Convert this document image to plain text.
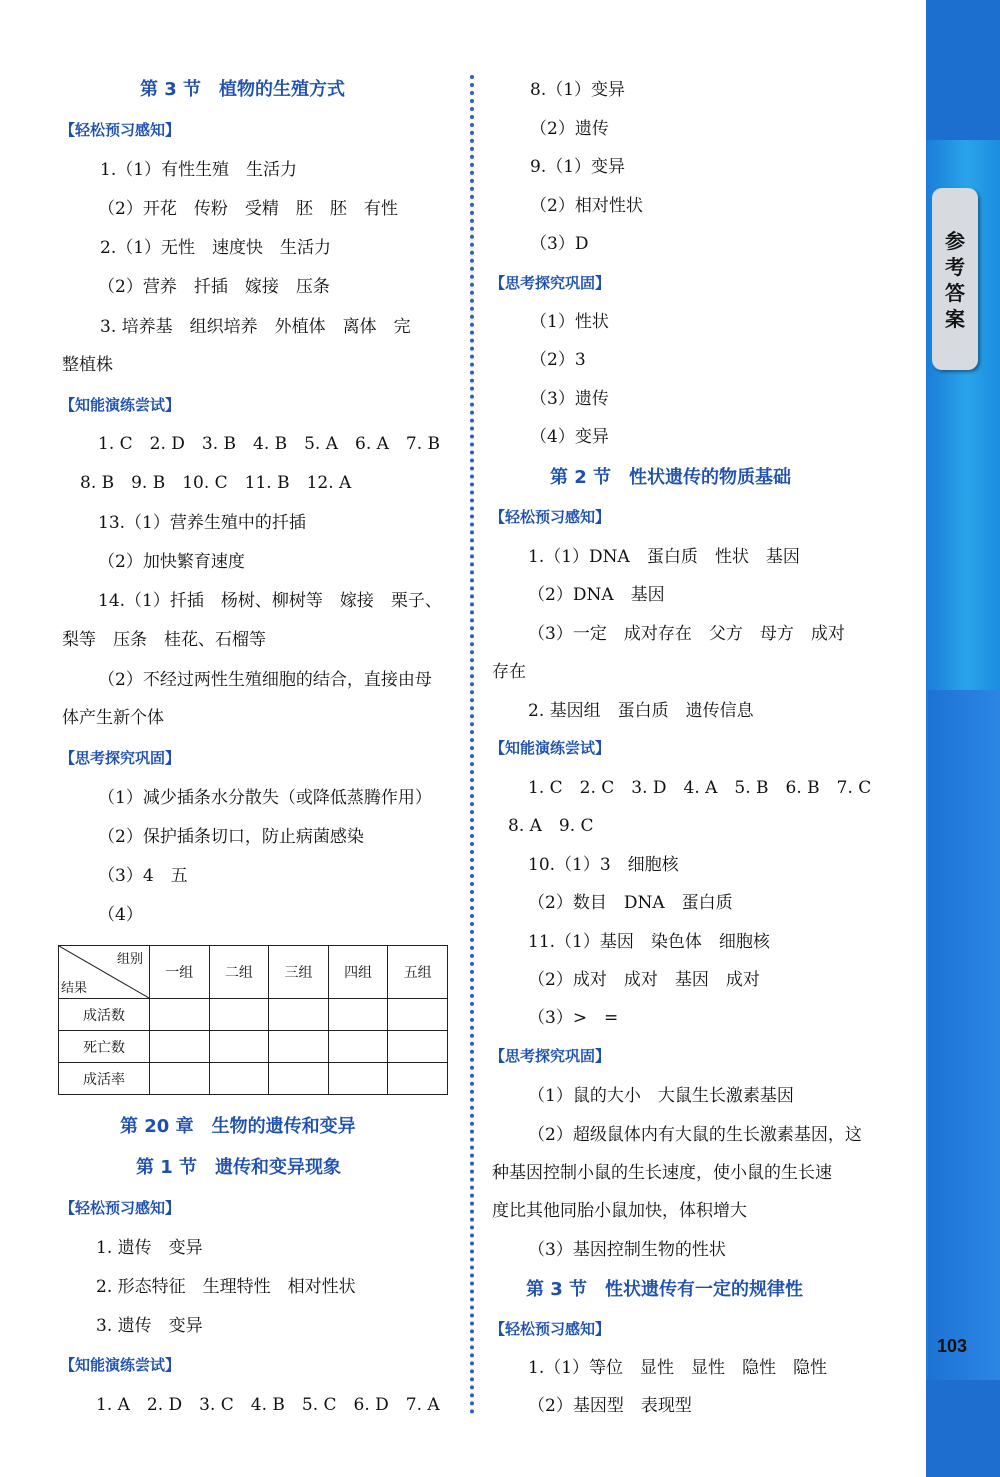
参考答案
103
第 3 节　植物的生殖方式
【轻松预习感知】
1.（1）有性生殖　生活力
（2）开花　传粉　受精　胚　胚　有性
2.（1）无性　速度快　生活力
（2）营养　扦插　嫁接　压条
3. 培养基　组织培养　外植体　离体　完
整植株
【知能演练尝试】
1. C　2. D　3. B　4. B　5. A　6. A　7. B
8. B　9. B　10. C　11. B　12. A
13.（1）营养生殖中的扦插
（2）加快繁育速度
14.（1）扦插　杨树、柳树等　嫁接　栗子、
梨等　压条　桂花、石榴等
（2）不经过两性生殖细胞的结合，直接由母
体产生新个体
【思考探究巩固】
（1）减少插条水分散失（或降低蒸腾作用）
（2）保护插条切口，防止病菌感染
（3）4　五
（4）
组别
结果	一组	二组	三组	四组	五组
成活数					
死亡数					
成活率					
第 20 章　生物的遗传和变异
第 1 节　遗传和变异现象
【轻松预习感知】
1. 遗传　变异
2. 形态特征　生理特性　相对性状
3. 遗传　变异
【知能演练尝试】
1. A　2. D　3. C　4. B　5. C　6. D　7. A
8.（1）变异
（2）遗传
9.（1）变异
（2）相对性状
（3）D
【思考探究巩固】
（1）性状
（2）3
（3）遗传
（4）变异
第 2 节　性状遗传的物质基础
【轻松预习感知】
1.（1）DNA　蛋白质　性状　基因
（2）DNA　基因
（3）一定　成对存在　父方　母方　成对
存在
2. 基因组　蛋白质　遗传信息
【知能演练尝试】
1. C　2. C　3. D　4. A　5. B　6. B　7. C
8. A　9. C
10.（1）3　细胞核
（2）数目　DNA　蛋白质
11.（1）基因　染色体　细胞核
（2）成对　成对　基因　成对
（3）>　=
【思考探究巩固】
（1）鼠的大小　大鼠生长激素基因
（2）超级鼠体内有大鼠的生长激素基因，这
种基因控制小鼠的生长速度，使小鼠的生长速
度比其他同胎小鼠加快，体积增大
（3）基因控制生物的性状
第 3 节　性状遗传有一定的规律性
【轻松预习感知】
1.（1）等位　显性　显性　隐性　隐性
（2）基因型　表现型
